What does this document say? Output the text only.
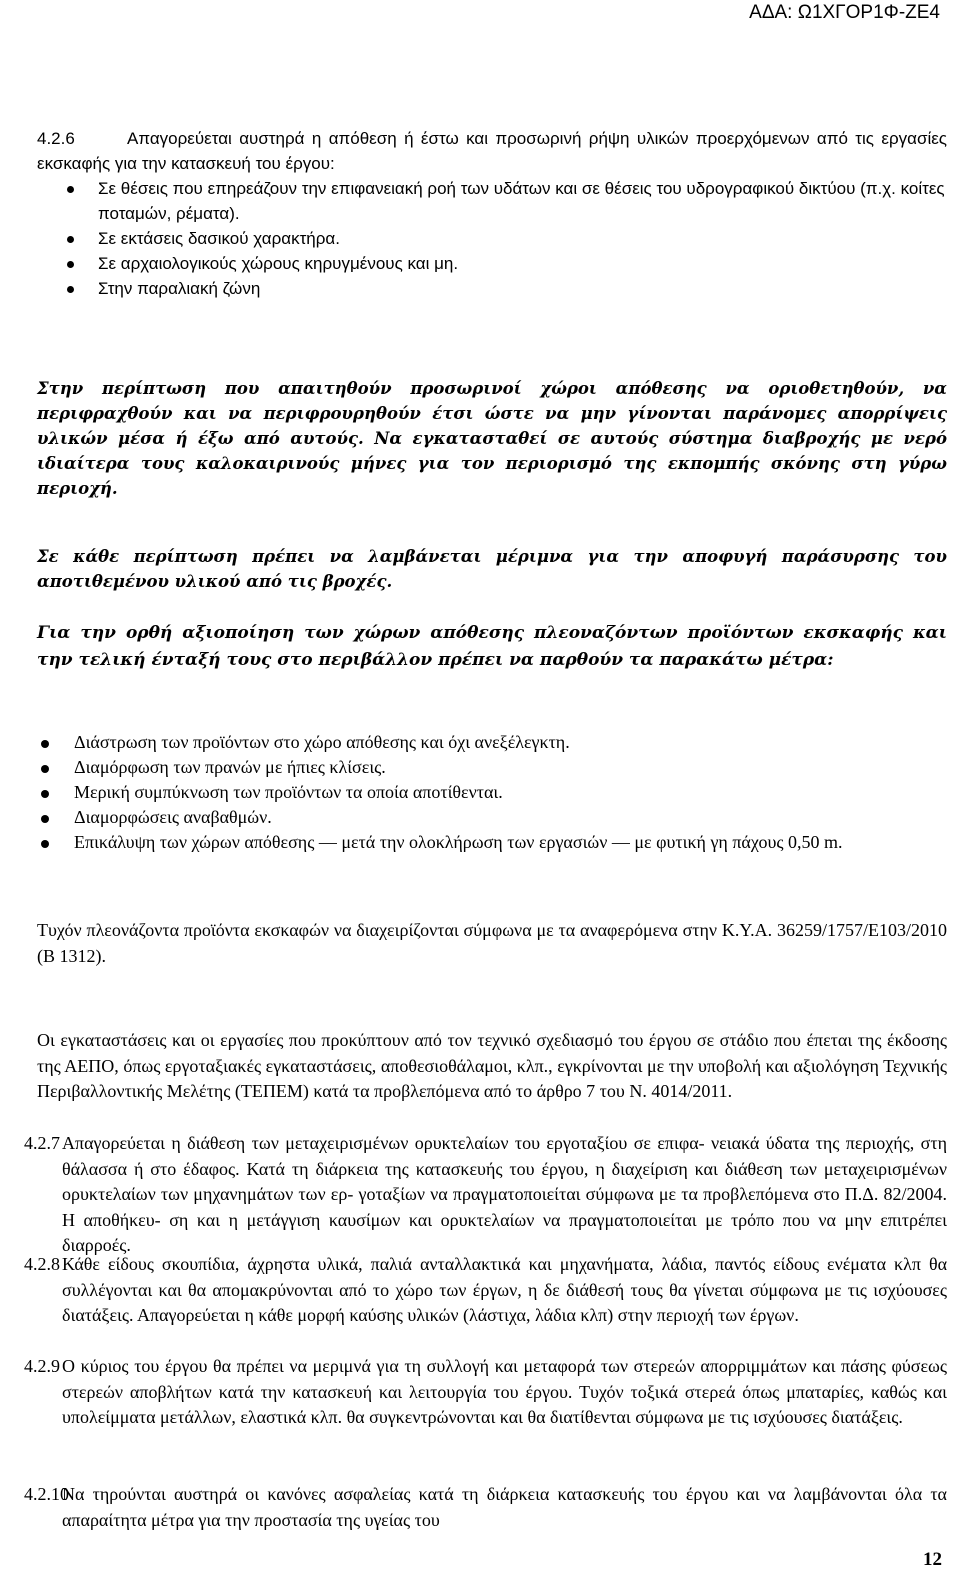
ΑΔΑ: Ω1ΧΓΟΡ1Φ-ΖΕ4
4.2.6	Απαγορεύεται αυστηρά η απόθεση ή έστω και προσωρινή ρήψη υλικών προερχόμενων από τις εργασίες εκσκαφής για την κατασκευή του έργου:
Σε θέσεις που επηρεάζουν την επιφανειακή ροή των υδάτων και σε θέσεις του υδρογραφικού δικτύου (π.χ. κοίτες ποταμών, ρέματα).
Σε εκτάσεις δασικού χαρακτήρα.
Σε αρχαιολογικούς χώρους κηρυγμένους και μη.
Στην παραλιακή ζώνη
Στην περίπτωση που απαιτηθούν προσωρινοί χώροι απόθεσης να οριοθετηθούν, να περιφραχθούν και να περιφρουρηθούν έτσι ώστε να μην γίνονται παράνομες απορρίψεις υλικών μέσα ή έξω από αυτούς. Να εγκατασταθεί σε αυτούς σύστημα διαβροχής με νερό ιδιαίτερα τους καλοκαιρινούς μήνες για τον περιορισμό της εκπομπής σκόνης στη γύρω περιοχή.
Σε κάθε περίπτωση πρέπει να λαμβάνεται μέριμνα για την αποφυγή παράσυρσης του αποτιθεμένου υλικού από τις βροχές.
Για την ορθή αξιοποίηση των χώρων απόθεσης πλεοναζόντων προϊόντων εκσκαφής και την τελική ένταξή τους στο περιβάλλον πρέπει να παρθούν τα παρακάτω μέτρα:
Διάστρωση των προϊόντων στο χώρο απόθεσης και όχι ανεξέλεγκτη.
Διαμόρφωση των πρανών με ήπιες κλίσεις.
Μερική συμπύκνωση των προϊόντων τα οποία αποτίθενται.
Διαμορφώσεις αναβαθμών.
Επικάλυψη των χώρων απόθεσης — μετά την ολοκλήρωση των εργασιών — με φυτική γη πάχους 0,50 m.
Τυχόν πλεονάζοντα προϊόντα εκσκαφών να διαχειρίζονται σύμφωνα με τα αναφερόμενα στην Κ.Υ.Α. 36259/1757/Ε103/2010 (Β 1312).
Οι εγκαταστάσεις και οι εργασίες που προκύπτουν από τον τεχνικό σχεδιασμό του έργου σε στάδιο που έπεται της έκδοσης της ΑΕΠΟ, όπως εργοταξιακές εγκαταστάσεις, αποθεσιοθάλαμοι, κλπ., εγκρίνονται με την υποβολή και αξιολόγηση Τεχνικής Περιβαλλοντικής Μελέτης (ΤΕΠΕΜ) κατά τα προβλεπόμενα από το άρθρο 7 του Ν. 4014/2011.
4.2.7 Απαγορεύεται η διάθεση των μεταχειρισμένων ορυκτελαίων του εργοταξίου σε επιφα- νειακά ύδατα της περιοχής, στη θάλασσα ή στο έδαφος. Κατά τη διάρκεια της κατασκευής του έργου, η διαχείριση και διάθεση των μεταχειρισμένων ορυκτελαίων των μηχανημάτων των ερ- γοταξίων να πραγματοποιείται σύμφωνα με τα προβλεπόμενα στο Π.Δ. 82/2004. Η αποθήκευ- ση και η μετάγγιση καυσίμων και ορυκτελαίων να πραγματοποιείται με τρόπο που να μην επιτρέπει διαρροές.
4.2.8 Κάθε είδους σκουπίδια, άχρηστα υλικά, παλιά ανταλλακτικά και μηχανήματα, λάδια, παντός είδους ενέματα κλπ θα συλλέγονται και θα απομακρύνονται από το χώρο των έργων, η δε διάθεσή τους θα γίνεται σύμφωνα με τις ισχύουσες διατάξεις. Απαγορεύεται η κάθε μορφή καύσης υλικών (λάστιχα, λάδια κλπ) στην περιοχή των έργων.
4.2.9 Ο κύριος του έργου θα πρέπει να μεριμνά για τη συλλογή και μεταφορά των στερεών απορριμμάτων και πάσης φύσεως στερεών αποβλήτων κατά την κατασκευή και λειτουργία του έργου. Τυχόν τοξικά στερεά όπως μπαταρίες, καθώς και υπολείμματα μετάλλων, ελαστικά κλπ. θα συγκεντρώνονται και θα διατίθενται σύμφωνα με τις ισχύουσες διατάξεις.
4.2.10
Να τηρούνται αυστηρά οι κανόνες ασφαλείας κατά τη διάρκεια κατασκευής του έργου και να λαμβάνονται όλα τα απαραίτητα μέτρα για την προστασία της υγείας του
12
